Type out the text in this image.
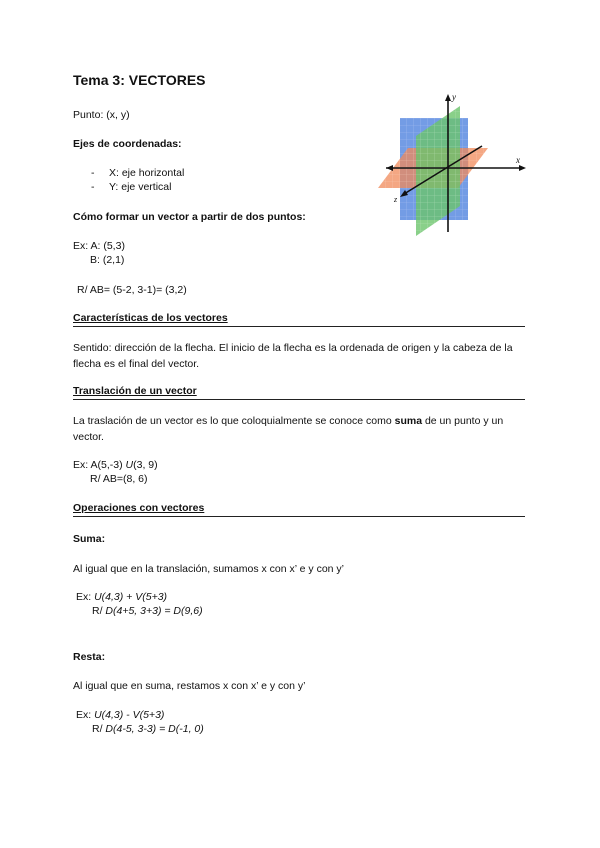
Tema 3: VECTORES
Punto: (x, y)
Ejes de coordenadas:
- X: eje horizontal
- Y: eje vertical
Cómo formar un vector a partir de dos puntos:
Ex: A: (5,3)
B: (2,1)
R/ AB= (5-2, 3-1)= (3,2)
Características de los vectores
Sentido: dirección de la flecha. El inicio de la flecha es la ordenada de origen y la cabeza de la flecha es el final del vector.
Translación de un vector
La traslación de un vector es lo que coloquialmente se conoce como suma de un punto y un vector.
Ex: A(5,-3) U(3, 9)
R/ AB=(8, 6)
Operaciones con vectores
Suma:
Al igual que en la translación, sumamos x con x’ e y con y’
Ex: U(4,3) + V(5+3)
R/ D(4+5, 3+3) = D(9,6)
Resta:
Al igual que en suma, restamos x con x’ e y con y’
Ex: U(4,3) - V(5+3)
R/ D(4-5, 3-3) = D(-1, 0)
y
x
z
